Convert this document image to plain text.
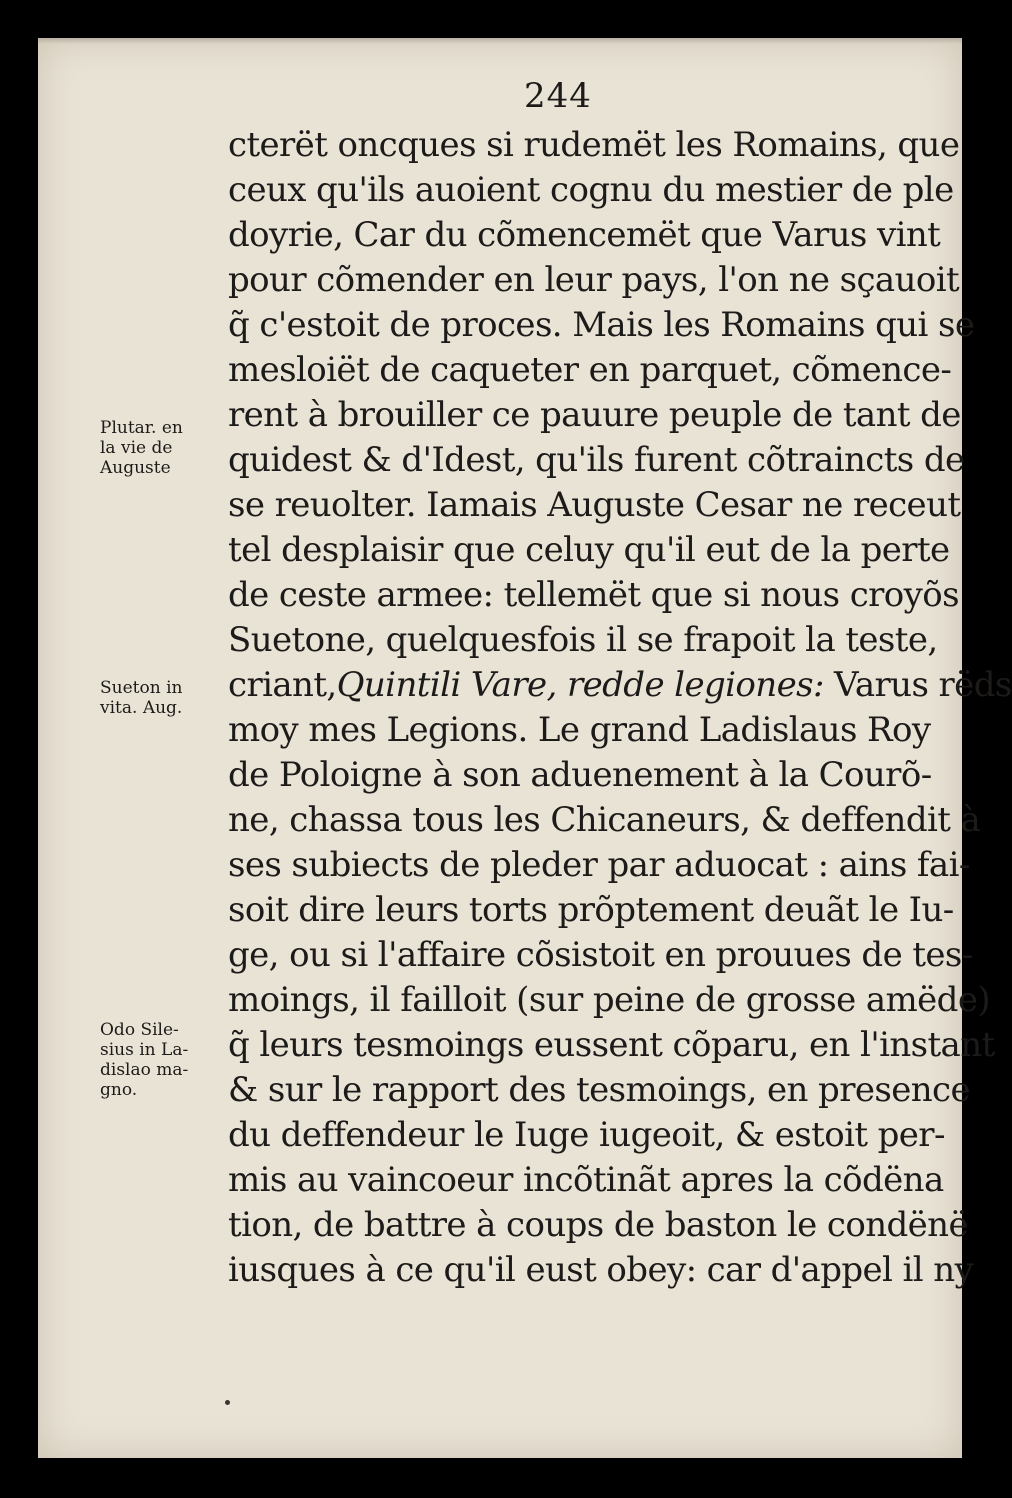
244
cterët oncques si rudemët les Romains, que
ceux qu'ils auoient cognu du mestier de ple
doyrie, Car du cõmencemët que Varus vint
pour cõmender en leur pays, l'on ne sçauoit
q̃ c'estoit de proces. Mais les Romains qui se
mesloiët de caqueter en parquet, cõmence-
rent à brouiller ce pauure peuple de tant de
quidest & d'Idest, qu'ils furent cõtraincts de
se reuolter. Iamais Auguste Cesar ne receut
tel desplaisir que celuy qu'il eut de la perte
de ceste armee: tellemët que si nous croyõs
Suetone, quelquesfois il se frapoit la teste,
criant,Quintili Vare, redde legiones: Varus rëds
moy mes Legions. Le grand Ladislaus Roy
de Poloigne à son aduenement à la Courõ-
ne, chassa tous les Chicaneurs, & deffendit à
ses subiects de pleder par aduocat : ains fai-
soit dire leurs torts prõptement deuãt le Iu-
ge, ou si l'affaire cõsistoit en prouues de tes-
moings, il failloit (sur peine de grosse amëde)
q̃ leurs tesmoings eussent cõparu, en l'instant
& sur le rapport des tesmoings, en presence
du deffendeur le Iuge iugeoit, & estoit per-
mis au vaincoeur incõtinãt apres la cõdëna
tion, de battre à coups de baston le condënë
iusques à ce qu'il eust obey: car d'appel il ny
Plutar. en
la vie de
Auguste
Sueton in
vita. Aug.
Odo Sile-
sius in La-
dislao ma-
gno.
